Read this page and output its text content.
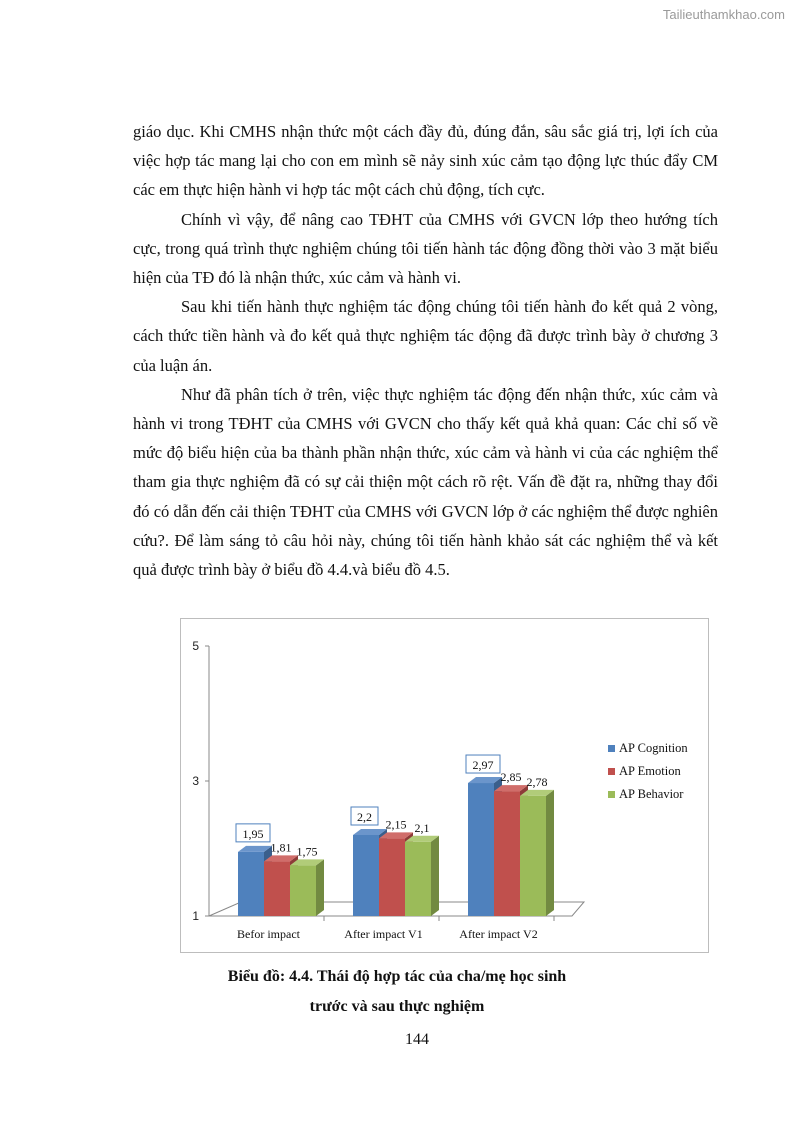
Tailieuthamkhao.com

giáo dục. Khi CMHS nhận thức một cách đầy đủ, đúng đắn, sâu sắc giá trị, lợi ích của việc hợp tác mang lại cho con em mình sẽ nảy sinh xúc cảm tạo động lực thúc đẩy CM các em thực hiện hành vi hợp tác một cách chủ động, tích cực.

Chính vì vậy, để nâng cao TĐHT của CMHS với GVCN lớp theo hướng tích cực, trong quá trình thực nghiệm chúng tôi tiến hành tác động đồng thời vào 3 mặt biểu hiện của TĐ đó là nhận thức, xúc cảm và hành vi.

Sau khi tiến hành thực nghiệm tác động chúng tôi tiến hành đo kết quả 2 vòng, cách thức tiền hành và đo kết quả thực nghiệm tác động đã được trình bày ở chương 3 của luận án.

Như đã phân tích ở trên, việc thực nghiệm tác động đến nhận thức, xúc cảm và hành vi trong TĐHT của CMHS với GVCN cho thấy kết quả khả quan: Các chỉ số về mức độ biểu hiện của ba thành phần nhận thức, xúc cảm và hành vi của các nghiệm thể tham gia thực nghiệm đã có sự cải thiện một cách rõ rệt. Vấn đề đặt ra, những thay đổi đó có dẫn đến cải thiện TĐHT của CMHS với GVCN lớp ở các nghiệm thể được nghiên cứu?. Để làm sáng tỏ câu hỏi này, chúng tôi tiến hành khảo sát các nghiệm thể và kết quả được trình bày ở biểu đồ 4.4.và biểu đồ 4.5.

1
3
5
Befor impact	After impact V1	After impact V2
1,95
1,81 1,75
2,2
2,15 2,1
2,97
2,85 2,78
AP Cognition
AP Emotion
AP Behavior
Biểu đồ: 4.4. Thái độ hợp tác của cha/mẹ học sinh
trước và sau thực nghiệm
144
